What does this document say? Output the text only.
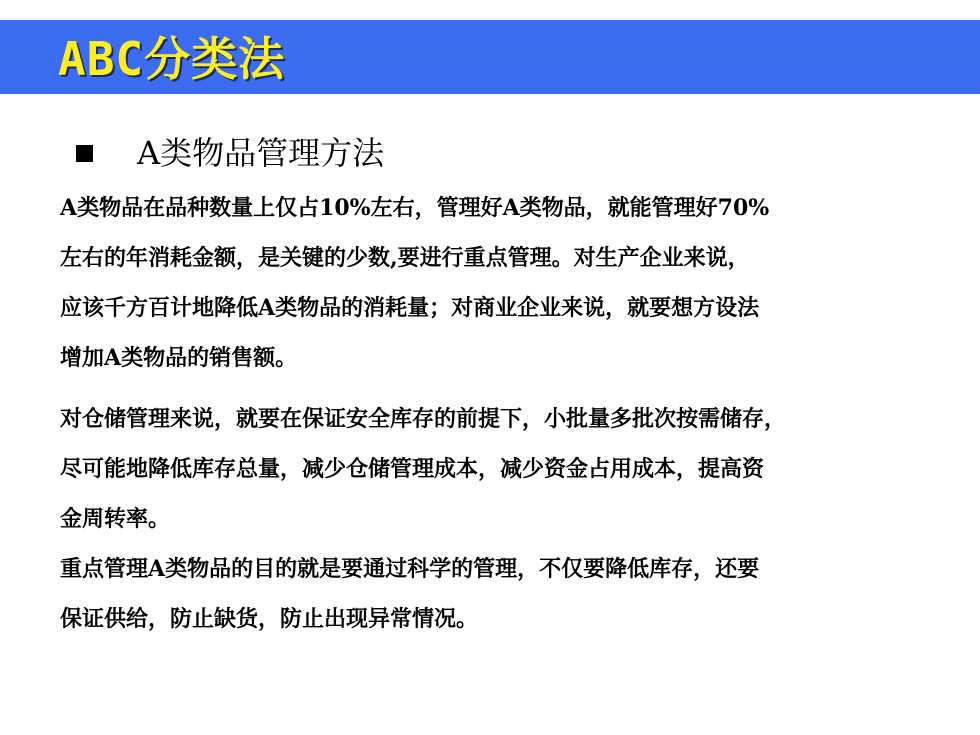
ABC分类法
A类物品管理方法
A类物品在品种数量上仅占10%左右，管理好A类物品，就能管理好70%
左右的年消耗金额，是关键的少数,要进行重点管理。对生产企业来说，
应该千方百计地降低A类物品的消耗量；对商业企业来说，就要想方设法
增加A类物品的销售额。
对仓储管理来说，就要在保证安全库存的前提下，小批量多批次按需储存，
尽可能地降低库存总量，减少仓储管理成本，减少资金占用成本，提高资
金周转率。
重点管理A类物品的目的就是要通过科学的管理，不仅要降低库存，还要
保证供给，防止缺货，防止出现异常情况。
